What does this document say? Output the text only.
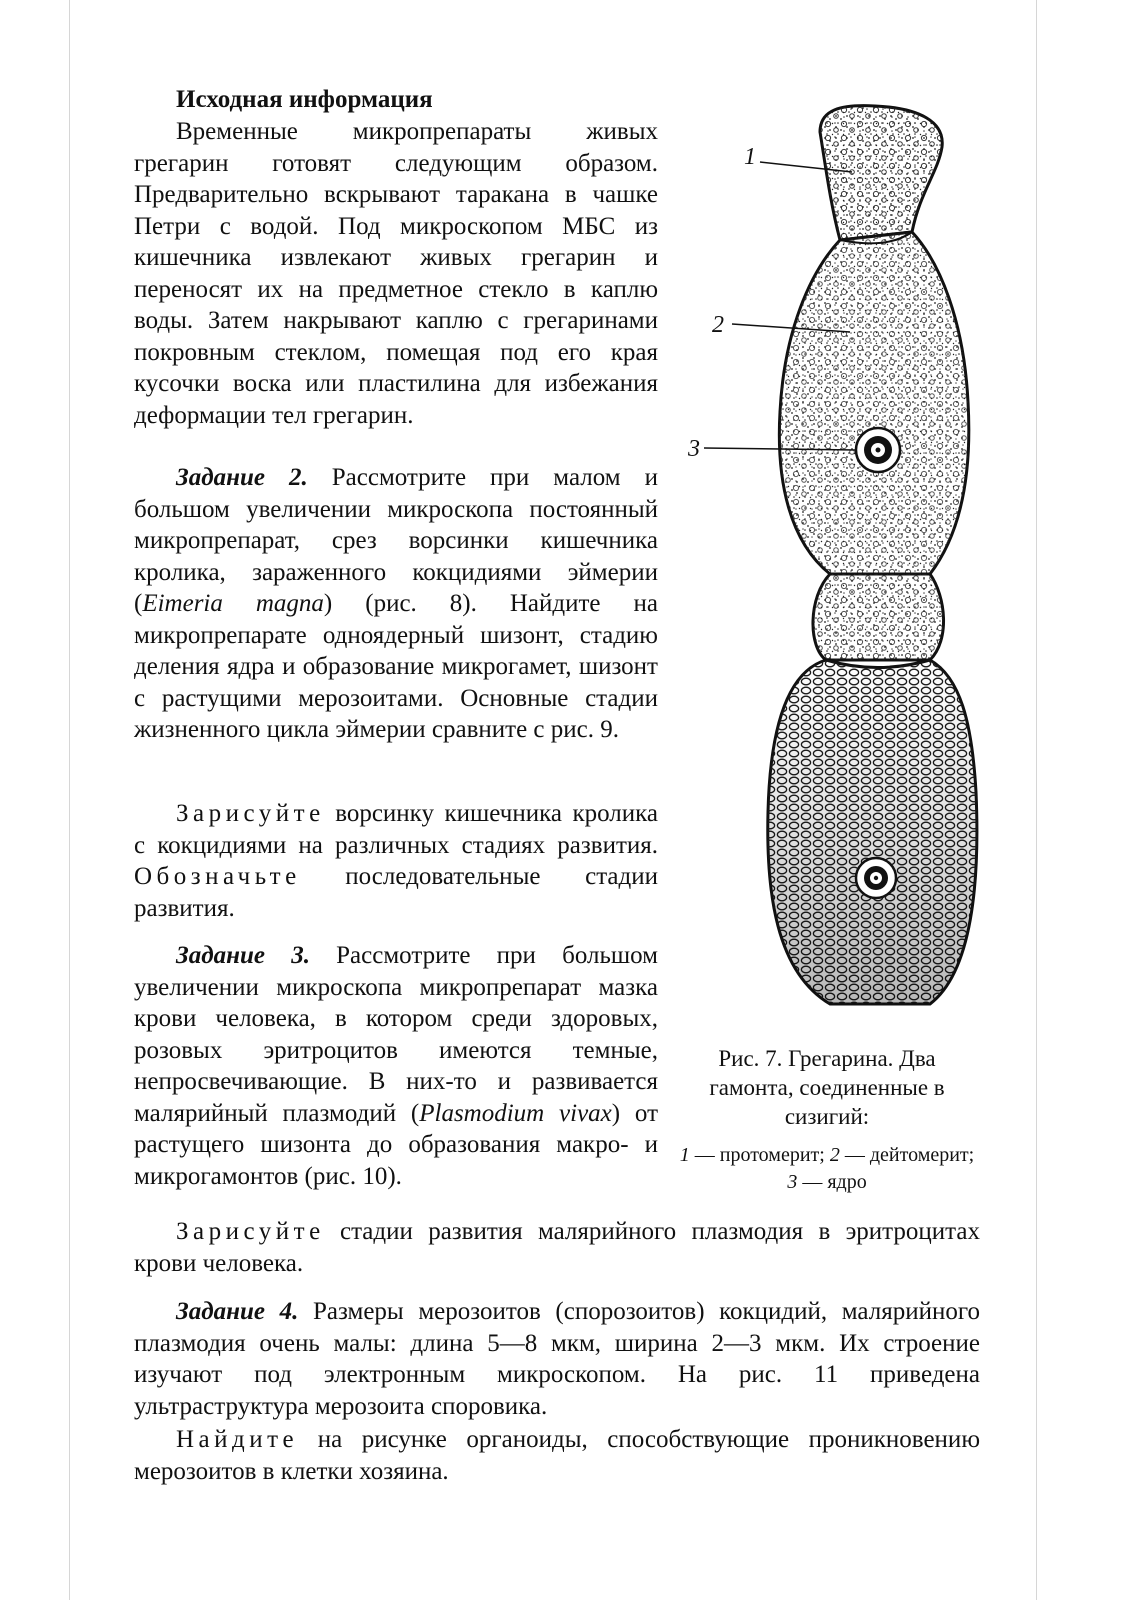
Исходная информация

Временные микропрепараты живых грегарин готовят следующим образом. Предварительно вскрывают таракана в чашке Петри с водой. Под микроскопом МБС из кишечника извлекают живых грегарин и переносят их на предметное стекло в каплю воды. Затем накрывают каплю с грегаринами покровным стеклом, помещая под его края кусочки воска или пластилина для избежания деформации тел грегарин.

Задание 2. Рассмотрите при малом и большом увеличении микроскопа постоянный микропрепарат, срез ворсинки кишечника кролика, зараженного кокцидиями эймерии (Eimeria magna) (рис. 8). Найдите на микропрепарате одноядерный шизонт, стадию деления ядра и образование микрогамет, шизонт с растущими мерозоитами. Основные стадии жизненного цикла эймерии сравните с рис. 9.

Зарисуйте ворсинку кишечника кролика с кокцидиями на различных стадиях развития. Обозначьте последовательные стадии развития.

Задание 3. Рассмотрите при большом увеличении микроскопа микропрепарат мазка крови человека, в котором среди здоровых, розовых эритроцитов имеются темные, непросвечивающие. В них-то и развивается малярийный плазмодий (Plasmodium vivax) от растущего шизонта до образования макро- и микрогамонтов (рис. 10).

Зарисуйте стадии развития малярийного плазмодия в эритроцитах крови человека.

Задание 4. Размеры мерозоитов (спорозоитов) кокцидий, малярийного плазмодия очень малы: длина 5—8 мкм, ширина 2—3 мкм. Их строение изучают под электронным микроскопом. На рис. 11 приведена ультраструктура мерозоита споровика.

Найдите на рисунке органоиды, способствующие проникновению мерозоитов в клетки хозяина.

1
2
3

Рис. 7. Грегарина. Два гамонта, соединенные в сизигий:

1 — протомерит; 2 — дейтомерит; 3 — ядро
